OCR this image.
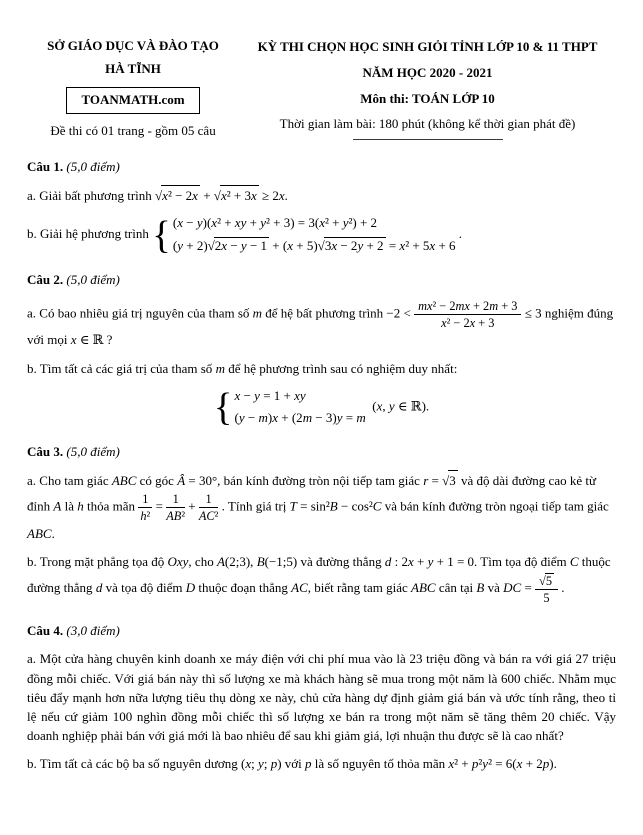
SỞ GIÁO DỤC VÀ ĐÀO TẠO
HÀ TĨNH
TOANMATH.com
Đề thi có 01 trang - gồm 05 câu
KỲ THI CHỌN HỌC SINH GIỎI TỈNH LỚP 10 & 11 THPT
NĂM HỌC 2020 - 2021
Môn thi: TOÁN LỚP 10
Thời gian làm bài: 180 phút (không kể thời gian phát đề)

Câu 1. (5,0 điểm)

a. Giải bất phương trình √x² − 2x + √x² + 3x ≥ 2x.

b. Giải hệ phương trình { (x − y)(x² + xy + y² + 3) = 3(x² + y²) + 2
(y + 2)√2x − y − 1 + (x + 5)√3x − 2y + 2 = x² + 5x + 6
.

Câu 2. (5,0 điểm)

a. Có bao nhiêu giá trị nguyên của tham số m để hệ bất phương trình $-2 < \frac{\text{mx² − 2mx + 2m + 3}}{\text{x² − 2x + 3}} \le 3$ nghiệm đúng với mọi x ∈ ℝ ?

b. Tìm tất cả các giá trị của tham số m để hệ phương trình sau có nghiệm duy nhất:

{ x − y = 1 + xy
(y − m)x + (2m − 3)y = m
(x, y ∈ ℝ).

Câu 3. (5,0 điểm)

a. Cho tam giác ABC có góc Â = 30°, bán kính đường tròn nội tiếp tam giác r = √3 và độ dài đường cao kẻ từ đỉnh A là h thỏa mãn $\frac{1}{\text{h²}} = \frac{1}{\text{AB²}} + \frac{1}{\text{AC²}}$ . Tính giá trị T = sin²B − cos²C và bán kính đường tròn ngoại tiếp tam giác ABC.

b. Trong mặt phẳng tọa độ Oxy, cho A(2;3), B(−1;5) và đường thẳng d : 2x + y + 1 = 0. Tìm tọa độ điểm C thuộc đường thẳng d và tọa độ điểm D thuộc đoạn thẳng AC, biết rằng tam giác ABC cân tại B và DC = $\frac{√5}{5}$ .

Câu 4. (3,0 điểm)

a. Một cửa hàng chuyên kinh doanh xe máy điện với chi phí mua vào là 23 triệu đồng và bán ra với giá 27 triệu đồng mỗi chiếc. Với giá bán này thì số lượng xe mà khách hàng sẽ mua trong một năm là 600 chiếc. Nhằm mục tiêu đẩy mạnh hơn nữa lượng tiêu thụ dòng xe này, chủ cửa hàng dự định giảm giá bán và ước tính rằng, theo tỉ lệ nếu cứ giảm 100 nghìn đồng mỗi chiếc thì số lượng xe bán ra trong một năm sẽ tăng thêm 20 chiếc. Vậy doanh nghiệp phải bán với giá mới là bao nhiêu để sau khi giảm giá, lợi nhuận thu được sẽ là cao nhất?

b. Tìm tất cả các bộ ba số nguyên dương (x; y; p) với p là số nguyên tố thỏa mãn x² + p²y² = 6(x + 2p).
